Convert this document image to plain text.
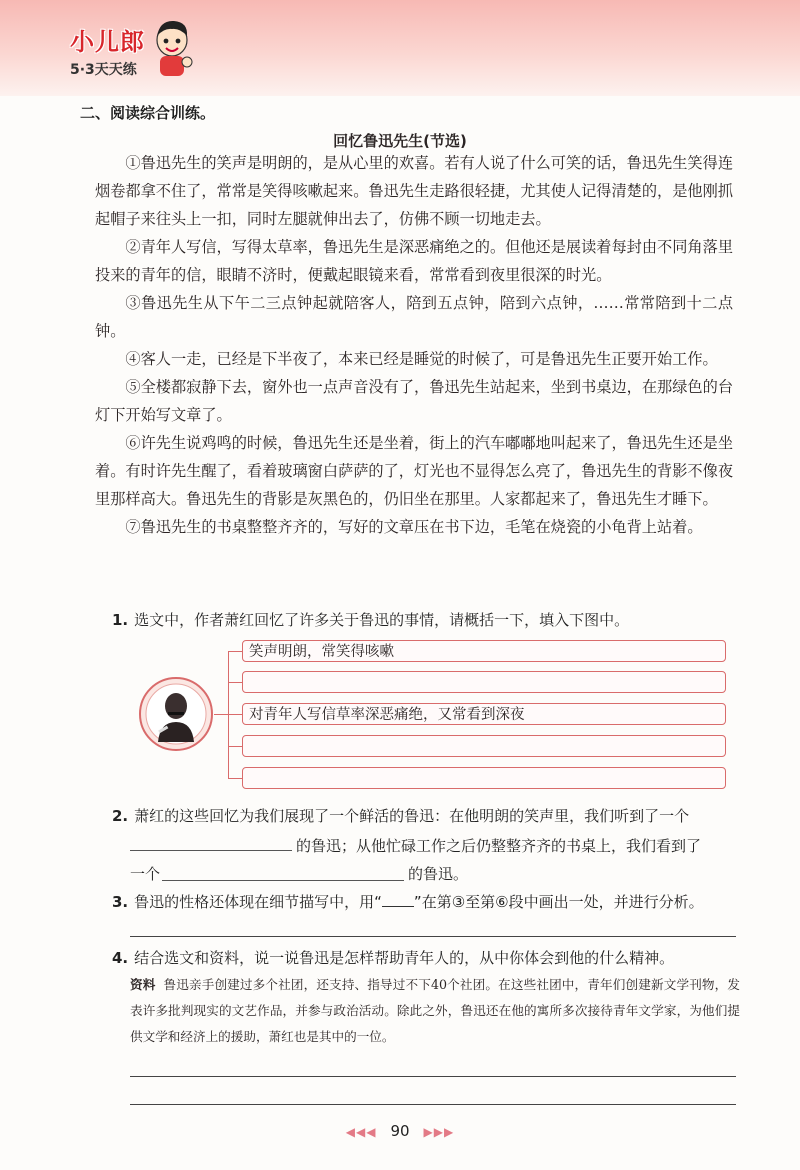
小儿郎
5·3天天练
二、阅读综合训练。
回忆鲁迅先生(节选)

①鲁迅先生的笑声是明朗的，是从心里的欢喜。若有人说了什么可笑的话，鲁迅先生笑得连烟卷都拿不住了，常常是笑得咳嗽起来。鲁迅先生走路很轻捷，尤其使人记得清楚的，是他刚抓起帽子来往头上一扣，同时左腿就伸出去了，仿佛不顾一切地走去。

②青年人写信，写得太草率，鲁迅先生是深恶痛绝之的。但他还是展读着每封由不同角落里投来的青年的信，眼睛不济时，便戴起眼镜来看，常常看到夜里很深的时光。

③鲁迅先生从下午二三点钟起就陪客人，陪到五点钟，陪到六点钟，……常常陪到十二点钟。

④客人一走，已经是下半夜了，本来已经是睡觉的时候了，可是鲁迅先生正要开始工作。

⑤全楼都寂静下去，窗外也一点声音没有了，鲁迅先生站起来，坐到书桌边，在那绿色的台灯下开始写文章了。

⑥许先生说鸡鸣的时候，鲁迅先生还是坐着，街上的汽车嘟嘟地叫起来了，鲁迅先生还是坐着。有时许先生醒了，看着玻璃窗白萨萨的了，灯光也不显得怎么亮了，鲁迅先生的背影不像夜里那样高大。鲁迅先生的背影是灰黑色的，仍旧坐在那里。人家都起来了，鲁迅先生才睡下。

⑦鲁迅先生的书桌整整齐齐的，写好的文章压在书下边，毛笔在烧瓷的小龟背上站着。

1. 选文中，作者萧红回忆了许多关于鲁迅的事情，请概括一下，填入下图中。
笑声明朗，常笑得咳嗽
对青年人写信草率深恶痛绝，又常看到深夜
2. 萧红的这些回忆为我们展现了一个鲜活的鲁迅：在他明朗的笑声里，我们听到了一个
的鲁迅；从他忙碌工作之后仍整整齐齐的书桌上，我们看到了
一个	的鲁迅。
3. 鲁迅的性格还体现在细节描写中，用“ ”在第③至第⑥段中画出一处，并进行分析。
4. 结合选文和资料，说一说鲁迅是怎样帮助青年人的，从中你体会到他的什么精神。
资料 鲁迅亲手创建过多个社团，还支持、指导过不下40个社团。在这些社团中，青年们创建新文学刊物，发表许多批判现实的文艺作品，并参与政治活动。除此之外，鲁迅还在他的寓所多次接待青年文学家，为他们提供文学和经济上的援助，萧红也是其中的一位。
◀◀◀ 90 ▶▶▶
